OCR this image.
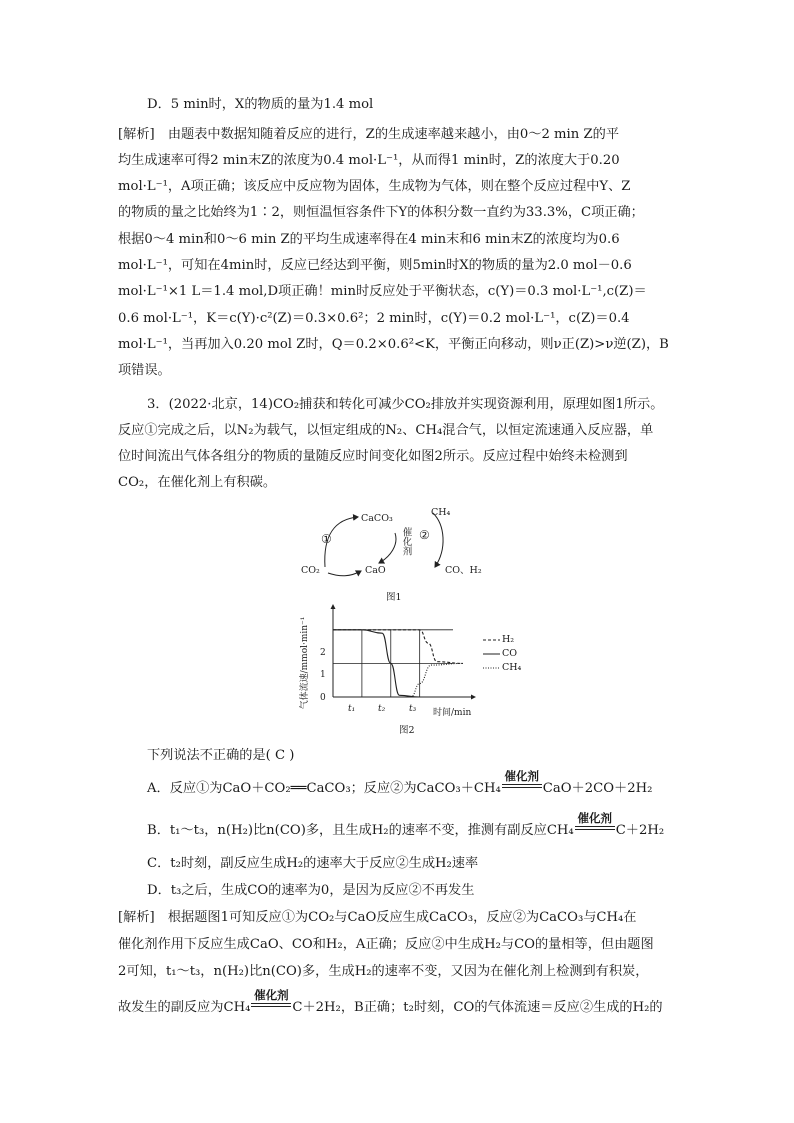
D．5 min时，X的物质的量为1.4 mol
[解析]　 由题表中数据知随着反应的进行，Z的生成速率越来越小，由0～2 min Z的平
均生成速率可得2 min末Z的浓度为0.4 mol·L⁻¹，从而得1 min时，Z的浓度大于0.20
mol·L⁻¹，A项正确；该反应中反应物为固体，生成物为气体，则在整个反应过程中Y、Z
的物质的量之比始终为1∶2，则恒温恒容条件下Y的体积分数一直约为33.3%，C项正确；
根据0～4 min和0～6 min Z的平均生成速率得在4 min末和6 min末Z的浓度均为0.6
mol·L⁻¹，可知在4min时，反应已经达到平衡，则5min时X的物质的量为2.0 mol－0.6
mol·L⁻¹×1 L＝1.4 mol,D项正确！min时反应处于平衡状态，c(Y)＝0.3 mol·L⁻¹,c(Z)＝
0.6 mol·L⁻¹，K＝c(Y)·c²(Z)＝0.3×0.6²；2 min时，c(Y)＝0.2 mol·L⁻¹，c(Z)＝0.4
mol·L⁻¹，当再加入0.20 mol Z时，Q＝0.2×0.6²<K，平衡正向移动，则ν正(Z)>ν逆(Z)，B
项错误。
3．(2022·北京，14)CO₂捕获和转化可减少CO₂排放并实现资源利用，原理如图1所示。
反应①完成之后，以N₂为载气，以恒定组成的N₂、CH₄混合气，以恒定流速通入反应器，单
位时间流出气体各组分的物质的量随反应时间变化如图2所示。反应过程中始终未检测到
CO₂，在催化剂上有积碳。
CaCO₃
CaO
CO₂
CH₄
CO、H₂
①	②
催化剂
图1
气体流速/mmol·min⁻¹ 0
1
2
t₁	t₂	t₃ 时间/min
H₂
CO
CH₄
图2
下列说法不正确的是( C )
A．反应①为CaO＋CO₂══CaCO₃；反应②为CaCO₃＋CH₄
催化剂
CaO＋2CO＋2H₂
B．t₁～t₃，n(H₂)比n(CO)多，且生成H₂的速率不变，推测有副反应CH₄
催化剂
C＋2H₂
C．t₂时刻，副反应生成H₂的速率大于反应②生成H₂速率
D．t₃之后，生成CO的速率为0，是因为反应②不再发生
[解析]　 根据题图1可知反应①为CO₂与CaO反应生成CaCO₃，反应②为CaCO₃与CH₄在
催化剂作用下反应生成CaO、CO和H₂，A正确；反应②中生成H₂与CO的量相等，但由题图
2可知，t₁～t₃，n(H₂)比n(CO)多，生成H₂的速率不变，又因为在催化剂上检测到有积炭，
故发生的副反应为CH₄
催化剂
C＋2H₂，B正确；t₂时刻，CO的气体流速＝反应②生成的H₂的
